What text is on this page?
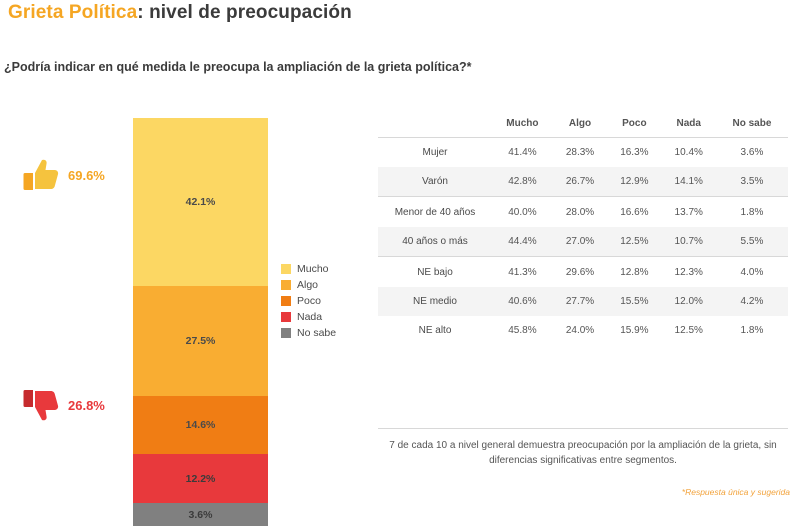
Grieta Política: nivel de preocupación
¿Podría indicar en qué medida le preocupa la ampliación de la grieta política?*
69.6%
26.8%
42.1%
27.5%
14.6%
12.2%
3.6%
Mucho
Algo
Poco
Nada
No sabe
	Mucho	Algo	Poco	Nada	No sabe
Mujer	41.4%	28.3%	16.3%	10.4%	3.6%
Varón	42.8%	26.7%	12.9%	14.1%	3.5%
Menor de 40 años	40.0%	28.0%	16.6%	13.7%	1.8%
40 años o más	44.4%	27.0%	12.5%	10.7%	5.5%
NE bajo	41.3%	29.6%	12.8%	12.3%	4.0%
NE medio	40.6%	27.7%	15.5%	12.0%	4.2%
NE alto	45.8%	24.0%	15.9%	12.5%	1.8%
7 de cada 10 a nivel general demuestra preocupación por la ampliación de la grieta, sin diferencias significativas entre segmentos.
*Respuesta única y sugerida
